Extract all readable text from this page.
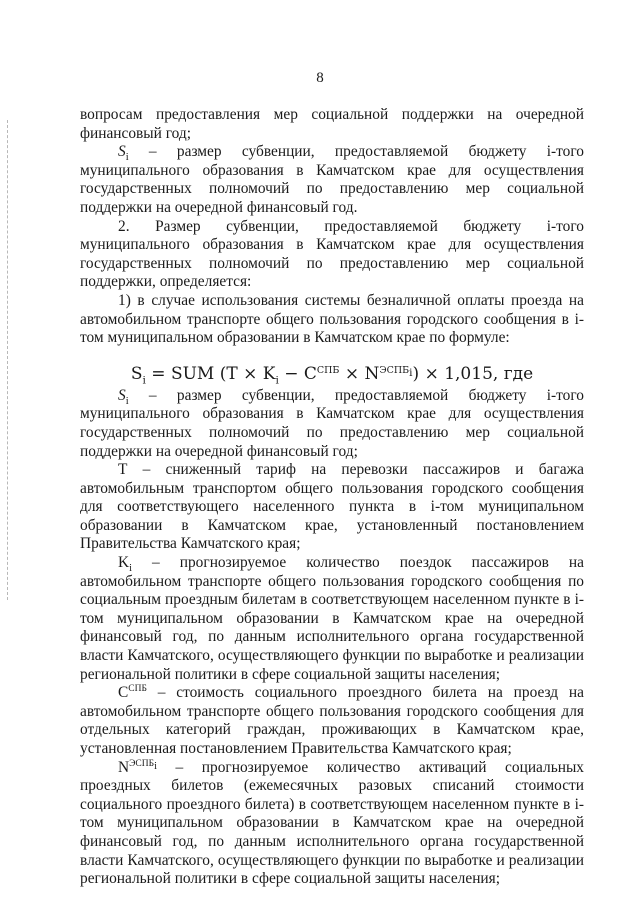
8

вопросам предоставления мер социальной поддержки на очередной финансовый год;

$S_i$ – размер субвенции, предоставляемой бюджету i-того муниципального образования в Камчатском крае для осуществления государственных полномочий по предоставлению мер социальной поддержки на очередной финансовый год.

2. Размер субвенции, предоставляемой бюджету i-того муниципального образования в Камчатском крае для осуществления государственных полномочий по предоставлению мер социальной поддержки, определяется:

1) в случае использования системы безналичной оплаты проезда на автомобильном транспорте общего пользования городского сообщения в i-том муниципальном образовании в Камчатском крае по формуле:

$S_i$ = SUM $(T \times K_i - C^{СПБ} \times N^{ЭСПБ_i}) \times 1,015$, где

$S_i$ – размер субвенции, предоставляемой бюджету i-того муниципального образования в Камчатском крае для осуществления государственных полномочий по предоставлению мер социальной поддержки на очередной финансовый год;

Т – сниженный тариф на перевозки пассажиров и багажа автомобильным транспортом общего пользования городского сообщения для соответствующего населенного пункта в i-том муниципальном образовании в Камчатском крае, установленный постановлением Правительства Камчатского края;

$K_i$ – прогнозируемое количество поездок пассажиров на автомобильном транспорте общего пользования городского сообщения по социальным проездным билетам в соответствующем населенном пункте в i-том муниципальном образовании в Камчатском крае на очередной финансовый год, по данным исполнительного органа государственной власти Камчатского, осуществляющего функции по выработке и реализации региональной политики в сфере социальной защиты населения;

$C^{СПБ}$ – стоимость социального проездного билета на проезд на автомобильном транспорте общего пользования городского сообщения для отдельных категорий граждан, проживающих в Камчатском крае, установленная постановлением Правительства Камчатского края;

$N^{ЭСПБ_i}$ – прогнозируемое количество активаций социальных проездных билетов (ежемесячных разовых списаний стоимости социального проездного билета) в соответствующем населенном пункте в i-том муниципальном образовании в Камчатском крае на очередной финансовый год, по данным исполнительного органа государственной власти Камчатского, осуществляющего функции по выработке и реализации региональной политики в сфере социальной защиты населения;
